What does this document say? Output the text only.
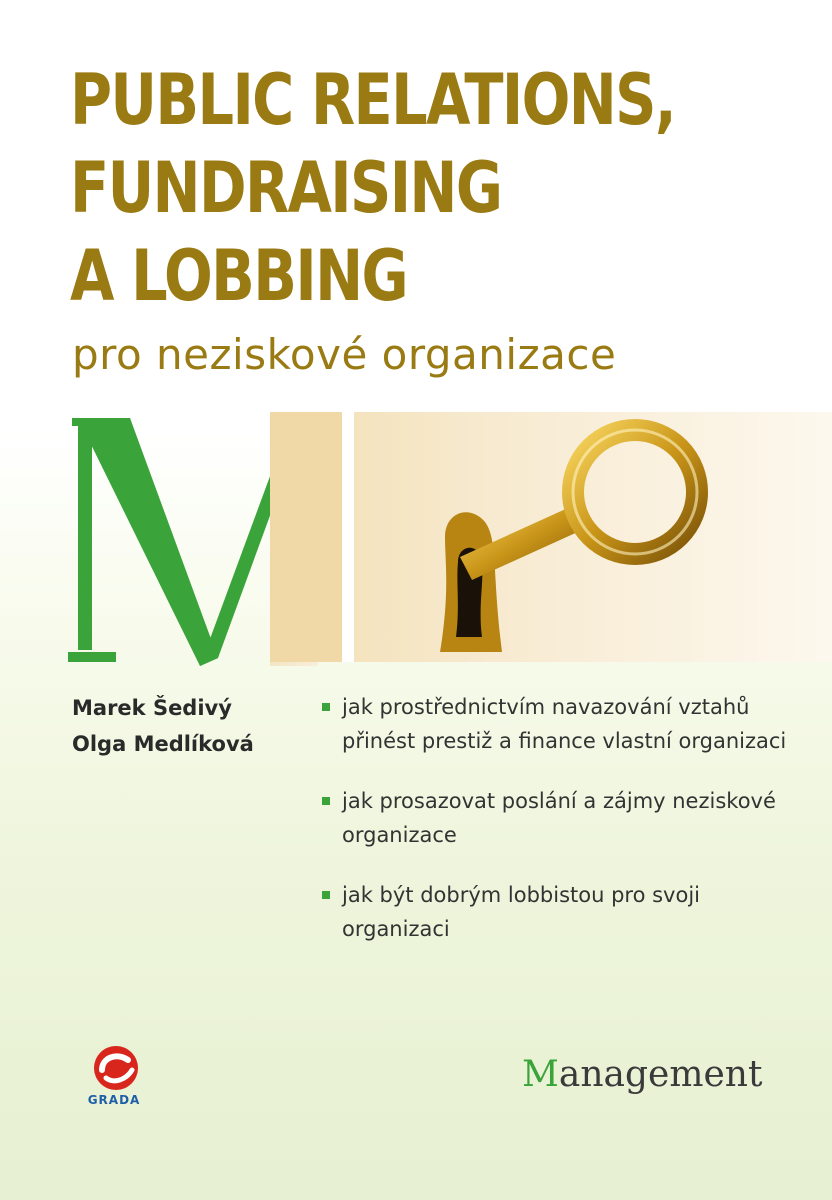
PUBLIC RELATIONS,
FUNDRAISING
A LOBBING
pro neziskové organizace
Marek Šedivý
Olga Medlíková
jak prostřednictvím navazování vztahů přinést prestiž a finance vlastní organizaci
jak prosazovat poslání a zájmy neziskové organizace
jak být dobrým lobbistou pro svoji organizaci
GRADA
Management
